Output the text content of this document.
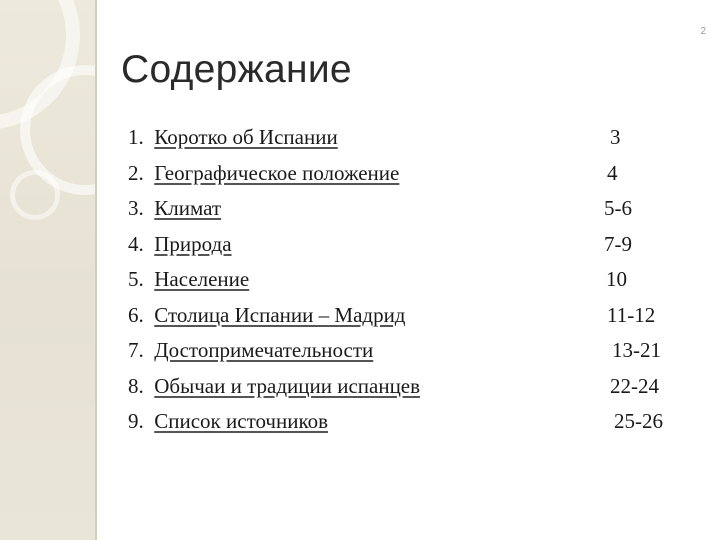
2
Содержание
1.  Коротко об Испании	3
2.  Географическое положение	4
3.  Климат	5-6
4.  Природа	7-9
5.  Население	10
6.  Столица Испании – Мадрид	11-12
7.  Достопримечательности	13-21
8.  Обычаи и традиции испанцев	22-24
9.  Список источников	25-26
